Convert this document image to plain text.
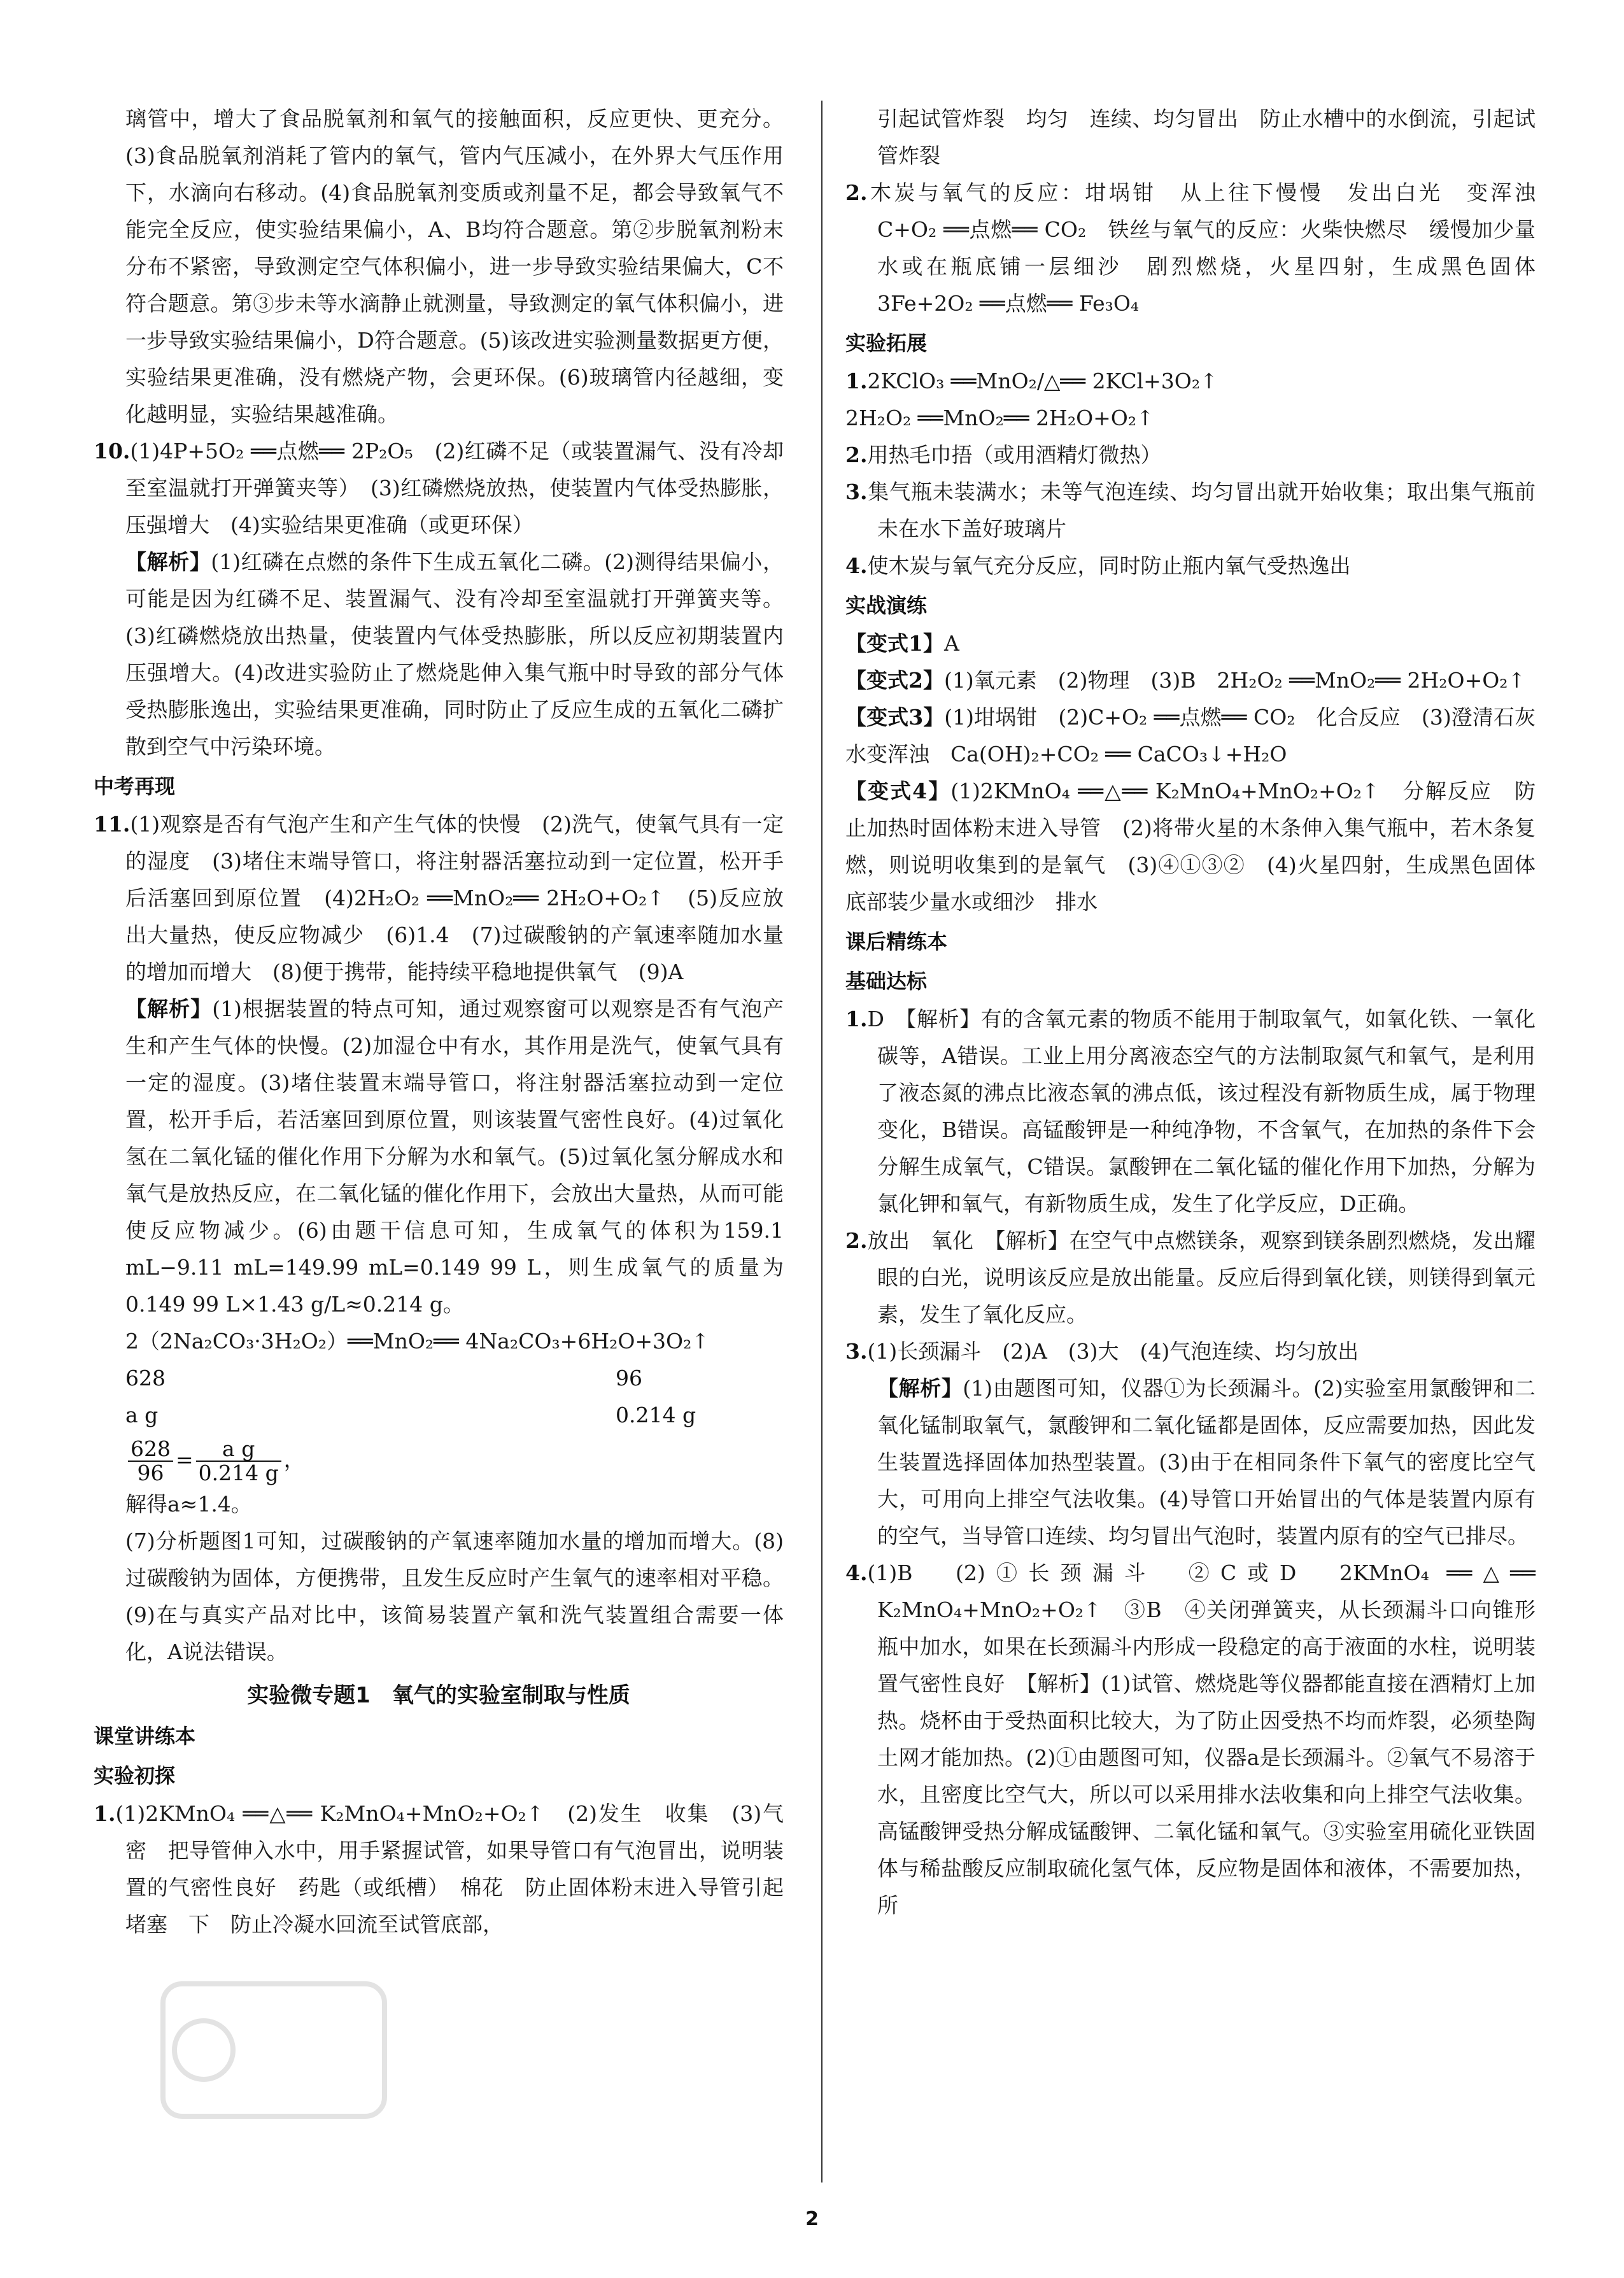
璃管中，增大了食品脱氧剂和氧气的接触面积，反应更快、更充分。(3)食品脱氧剂消耗了管内的氧气，管内气压减小，在外界大气压作用下，水滴向右移动。(4)食品脱氧剂变质或剂量不足，都会导致氧气不能完全反应，使实验结果偏小，A、B均符合题意。第②步脱氧剂粉末分布不紧密，导致测定空气体积偏小，进一步导致实验结果偏大，C不符合题意。第③步未等水滴静止就测量，导致测定的氧气体积偏小，进一步导致实验结果偏小，D符合题意。(5)该改进实验测量数据更方便，实验结果更准确，没有燃烧产物，会更环保。(6)玻璃管内径越细，变化越明显，实验结果越准确。

10.(1)4P+5O₂ ══点燃══ 2P₂O₅　(2)红磷不足（或装置漏气、没有冷却至室温就打开弹簧夹等）　(3)红磷燃烧放热，使装置内气体受热膨胀，压强增大　(4)实验结果更准确（或更环保）

【解析】(1)红磷在点燃的条件下生成五氧化二磷。(2)测得结果偏小，可能是因为红磷不足、装置漏气、没有冷却至室温就打开弹簧夹等。(3)红磷燃烧放出热量，使装置内气体受热膨胀，所以反应初期装置内压强增大。(4)改进实验防止了燃烧匙伸入集气瓶中时导致的部分气体受热膨胀逸出，实验结果更准确，同时防止了反应生成的五氧化二磷扩散到空气中污染环境。

中考再现

11.(1)观察是否有气泡产生和产生气体的快慢　(2)洗气，使氧气具有一定的湿度　(3)堵住末端导管口，将注射器活塞拉动到一定位置，松开手后活塞回到原位置　(4)2H₂O₂ ══MnO₂══ 2H₂O+O₂↑　(5)反应放出大量热，使反应物减少　(6)1.4　(7)过碳酸钠的产氧速率随加水量的增加而增大　(8)便于携带，能持续平稳地提供氧气　(9)A　

【解析】(1)根据装置的特点可知，通过观察窗可以观察是否有气泡产生和产生气体的快慢。(2)加湿仓中有水，其作用是洗气，使氧气具有一定的湿度。(3)堵住装置末端导管口，将注射器活塞拉动到一定位置，松开手后，若活塞回到原位置，则该装置气密性良好。(4)过氧化氢在二氧化锰的催化作用下分解为水和氧气。(5)过氧化氢分解成水和氧气是放热反应，在二氧化锰的催化作用下，会放出大量热，从而可能使反应物减少。(6)由题干信息可知，生成氧气的体积为159.1 mL−9.11 mL=149.99 mL=0.149 99 L，则生成氧气的质量为0.149 99 L×1.43 g/L≈0.214 g。

2（2Na₂CO₃·3H₂O₂）══MnO₂══ 4Na₂CO₃+6H₂O+3O₂↑

628	96
a g	0.214 g

$\frac{628}{96} = \frac{\text{a g}}{0.214 g}$ ，

解得a≈1.4。

(7)分析题图1可知，过碳酸钠的产氧速率随加水量的增加而增大。(8)过碳酸钠为固体，方便携带，且发生反应时产生氧气的速率相对平稳。(9)在与真实产品对比中，该简易装置产氧和洗气装置组合需要一体化，A说法错误。

实验微专题1　氧气的实验室制取与性质
课堂讲练本
实验初探

1.(1)2KMnO₄ ══△══ K₂MnO₄+MnO₂+O₂↑　(2)发生　收集　(3)气密　把导管伸入水中，用手紧握试管，如果导管口有气泡冒出，说明装置的气密性良好　药匙（或纸槽）　棉花　防止固体粉末进入导管引起堵塞　下　防止冷凝水回流至试管底部，

引起试管炸裂　均匀　连续、均匀冒出　防止水槽中的水倒流，引起试管炸裂

2.木炭与氧气的反应：坩埚钳　从上往下慢慢　发出白光　变浑浊　C+O₂ ══点燃══ CO₂　铁丝与氧气的反应：火柴快燃尽　缓慢加少量水或在瓶底铺一层细沙　剧烈燃烧，火星四射，生成黑色固体　3Fe+2O₂ ══点燃══ Fe₃O₄

实验拓展

1.2KClO₃ ══MnO₂/△══ 2KCl+3O₂↑

2H₂O₂ ══MnO₂══ 2H₂O+O₂↑

2.用热毛巾捂（或用酒精灯微热）

3.集气瓶未装满水；未等气泡连续、均匀冒出就开始收集；取出集气瓶前未在水下盖好玻璃片

4.使木炭与氧气充分反应，同时防止瓶内氧气受热逸出

实战演练

【变式1】A

【变式2】(1)氧元素　(2)物理　(3)B　2H₂O₂ ══MnO₂══ 2H₂O+O₂↑

【变式3】(1)坩埚钳　(2)C+O₂ ══点燃══ CO₂　化合反应　(3)澄清石灰水变浑浊　Ca(OH)₂+CO₂ ══ CaCO₃↓+H₂O

【变式4】(1)2KMnO₄ ══△══ K₂MnO₄+MnO₂+O₂↑　分解反应　防止加热时固体粉末进入导管　(2)将带火星的木条伸入集气瓶中，若木条复燃，则说明收集到的是氧气　(3)④①③②　(4)火星四射，生成黑色固体　底部装少量水或细沙　排水

课后精练本
基础达标

1.D　【解析】有的含氧元素的物质不能用于制取氧气，如氧化铁、一氧化碳等，A错误。工业上用分离液态空气的方法制取氮气和氧气，是利用了液态氮的沸点比液态氧的沸点低，该过程没有新物质生成，属于物理变化，B错误。高锰酸钾是一种纯净物，不含氧气，在加热的条件下会分解生成氧气，C错误。氯酸钾在二氧化锰的催化作用下加热，分解为氯化钾和氧气，有新物质生成，发生了化学反应，D正确。

2.放出　氧化　【解析】在空气中点燃镁条，观察到镁条剧烈燃烧，发出耀眼的白光，说明该反应是放出能量。反应后得到氧化镁，则镁得到氧元素，发生了氧化反应。

3.(1)长颈漏斗　(2)A　(3)大　(4)气泡连续、均匀放出

【解析】(1)由题图可知，仪器①为长颈漏斗。(2)实验室用氯酸钾和二氧化锰制取氧气，氯酸钾和二氧化锰都是固体，反应需要加热，因此发生装置选择固体加热型装置。(3)由于在相同条件下氧气的密度比空气大，可用向上排空气法收集。(4)导管口开始冒出的气体是装置内原有的空气，当导管口连续、均匀冒出气泡时，装置内原有的空气已排尽。

4.(1)B　(2)①长颈漏斗　②C或D　2KMnO₄ ══△══ K₂MnO₄+MnO₂+O₂↑　③B　④关闭弹簧夹，从长颈漏斗口向锥形瓶中加水，如果在长颈漏斗内形成一段稳定的高于液面的水柱，说明装置气密性良好　【解析】(1)试管、燃烧匙等仪器都能直接在酒精灯上加热。烧杯由于受热面积比较大，为了防止因受热不均而炸裂，必须垫陶土网才能加热。(2)①由题图可知，仪器a是长颈漏斗。②氧气不易溶于水，且密度比空气大，所以可以采用排水法收集和向上排空气法收集。高锰酸钾受热分解成锰酸钾、二氧化锰和氧气。③实验室用硫化亚铁固体与稀盐酸反应制取硫化氢气体，反应物是固体和液体，不需要加热，所

2
